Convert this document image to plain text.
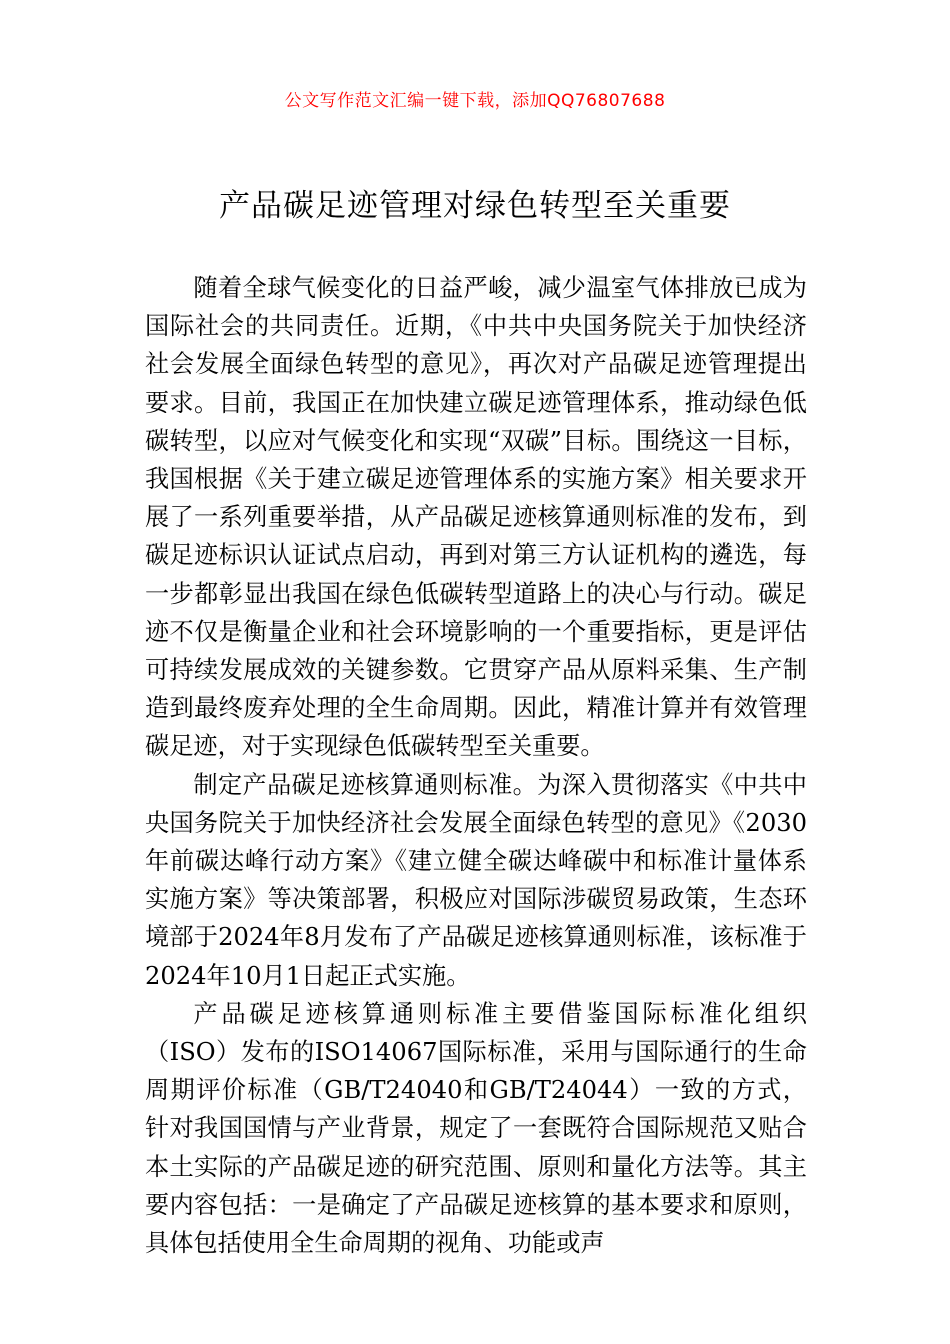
公文写作范文汇编一键下载，添加QQ76807688
产品碳足迹管理对绿色转型至关重要

随着全球气候变化的日益严峻，减少温室气体排放已成为国际社会的共同责任。近期，《中共中央国务院关于加快经济社会发展全面绿色转型的意见》，再次对产品碳足迹管理提出要求。目前，我国正在加快建立碳足迹管理体系，推动绿色低碳转型，以应对气候变化和实现“双碳”目标。围绕这一目标，我国根据《关于建立碳足迹管理体系的实施方案》相关要求开展了一系列重要举措，从产品碳足迹核算通则标准的发布，到碳足迹标识认证试点启动，再到对第三方认证机构的遴选，每一步都彰显出我国在绿色低碳转型道路上的决心与行动。碳足迹不仅是衡量企业和社会环境影响的一个重要指标，更是评估可持续发展成效的关键参数。它贯穿产品从原料采集、生产制造到最终废弃处理的全生命周期。因此，精准计算并有效管理碳足迹，对于实现绿色低碳转型至关重要。

制定产品碳足迹核算通则标准。为深入贯彻落实《中共中央国务院关于加快经济社会发展全面绿色转型的意见》《2030年前碳达峰行动方案》《建立健全碳达峰碳中和标准计量体系实施方案》等决策部署，积极应对国际涉碳贸易政策，生态环境部于2024年8月发布了产品碳足迹核算通则标准，该标准于2024年10月1日起正式实施。

产品碳足迹核算通则标准主要借鉴国际标准化组织（ISO）发布的ISO14067国际标准，采用与国际通行的生命周期评价标准（GB/T24040和GB/T24044）一致的方式，针对我国国情与产业背景，规定了一套既符合国际规范又贴合本土实际的产品碳足迹的研究范围、原则和量化方法等。其主要内容包括：一是确定了产品碳足迹核算的基本要求和原则，具体包括使用全生命周期的视角、功能或声
